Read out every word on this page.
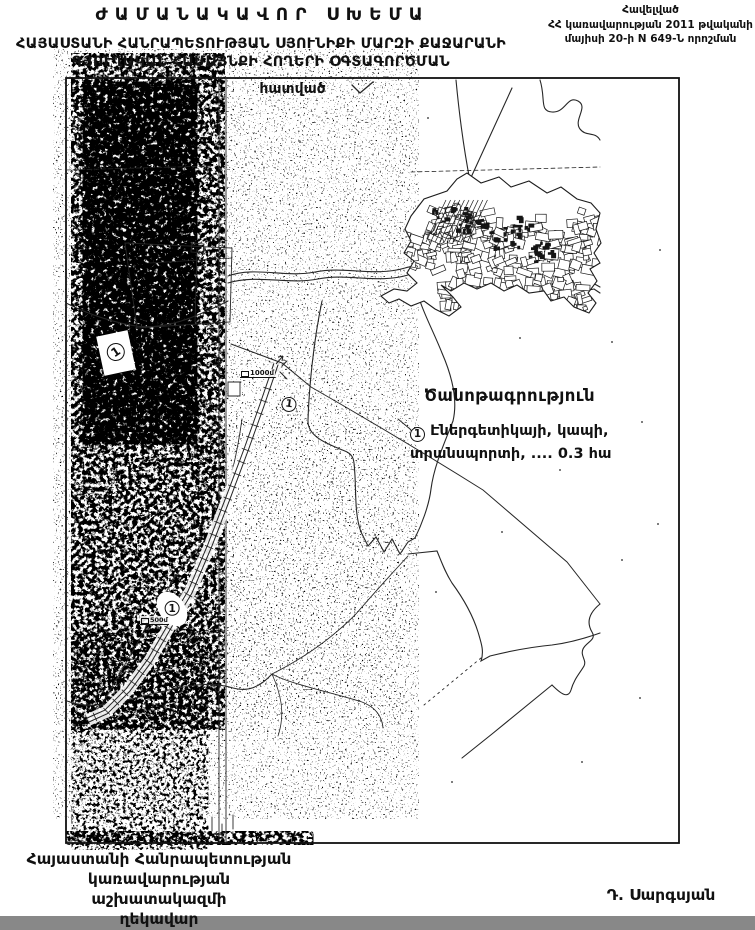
ԺԱՄԱՆԱԿԱՎՈՐ ՍԽԵՄԱ
ՀԱՅԱՍՏԱՆԻ ՀԱՆՐԱՊԵՏՈՒԹՅԱՆ ՍՅՈՒՆԻՔԻ ՄԱՐԶԻ ՔԱՋԱՐԱՆԻ
ԳՅՈՒՂԱԿԱՆ ՀԱՄԱՅՆՔԻ ՀՈՂԵՐԻ ՕԳՏԱԳՈՐԾՄԱՆ
Հավելված
ՀՀ կառավարության 2011 թվականի
մայիսի 20-ի N 649-Ն որոշման
հատված
Ծանոթագրություն
1 Էներգետիկայի, կապի,
տրանսպորտի, .... 0.3 հա
1
1
1
1000մ
500մ
Հայաստանի Հանրապետության
կառավարության աշխատակազմի
ղեկավար
Դ. Սարգսյան
